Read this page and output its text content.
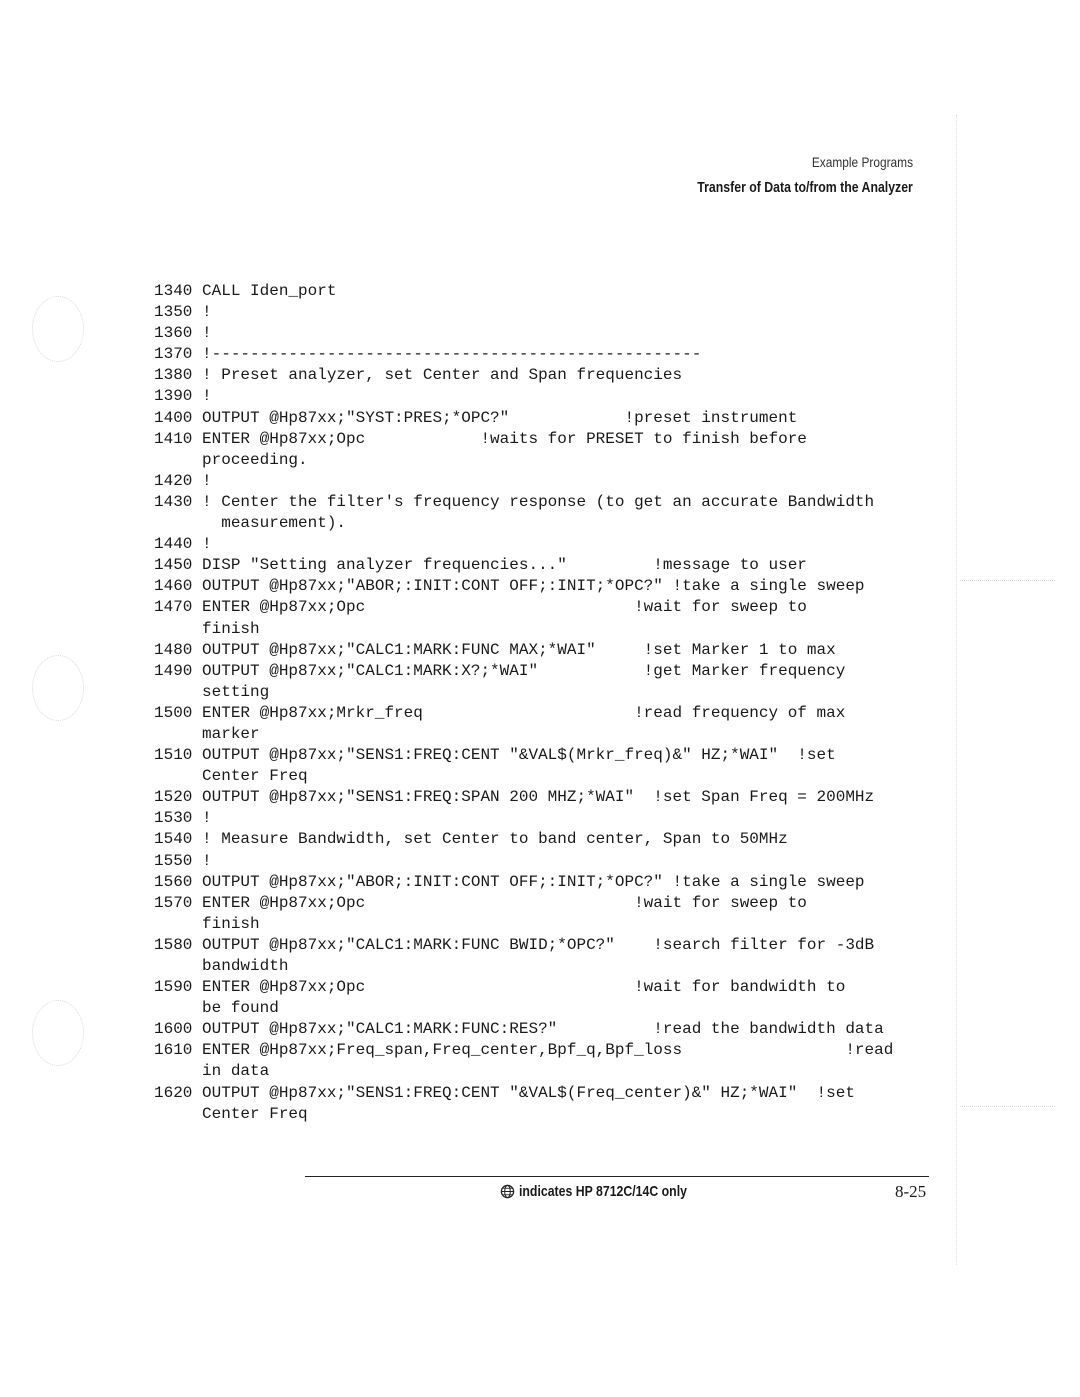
Example Programs
Transfer of Data to/from the Analyzer
1340 CALL Iden_port
1350 !
1360 !
1370 !---------------------------------------------------
1380 ! Preset analyzer, set Center and Span frequencies
1390 !
1400 OUTPUT @Hp87xx;"SYST:PRES;*OPC?"            !preset instrument
1410 ENTER @Hp87xx;Opc            !waits for PRESET to finish before
proceeding.
1420 !
1430 ! Center the filter's frequency response (to get an accurate Bandwidth
measurement).
1440 !
1450 DISP "Setting analyzer frequencies..."         !message to user
1460 OUTPUT @Hp87xx;"ABOR;:INIT:CONT OFF;:INIT;*OPC?" !take a single sweep
1470 ENTER @Hp87xx;Opc                            !wait for sweep to
finish
1480 OUTPUT @Hp87xx;"CALC1:MARK:FUNC MAX;*WAI"     !set Marker 1 to max
1490 OUTPUT @Hp87xx;"CALC1:MARK:X?;*WAI"           !get Marker frequency
setting
1500 ENTER @Hp87xx;Mrkr_freq                      !read frequency of max
marker
1510 OUTPUT @Hp87xx;"SENS1:FREQ:CENT "&VAL$(Mrkr_freq)&" HZ;*WAI"  !set
Center Freq
1520 OUTPUT @Hp87xx;"SENS1:FREQ:SPAN 200 MHZ;*WAI"  !set Span Freq = 200MHz
1530 !
1540 ! Measure Bandwidth, set Center to band center, Span to 50MHz
1550 !
1560 OUTPUT @Hp87xx;"ABOR;:INIT:CONT OFF;:INIT;*OPC?" !take a single sweep
1570 ENTER @Hp87xx;Opc                            !wait for sweep to
finish
1580 OUTPUT @Hp87xx;"CALC1:MARK:FUNC BWID;*OPC?"    !search filter for -3dB
bandwidth
1590 ENTER @Hp87xx;Opc                            !wait for bandwidth to
be found
1600 OUTPUT @Hp87xx;"CALC1:MARK:FUNC:RES?"          !read the bandwidth data
1610 ENTER @Hp87xx;Freq_span,Freq_center,Bpf_q,Bpf_loss                 !read
in data
1620 OUTPUT @Hp87xx;"SENS1:FREQ:CENT "&VAL$(Freq_center)&" HZ;*WAI"  !set
Center Freq
indicates HP 8712C/14C only	8-25
